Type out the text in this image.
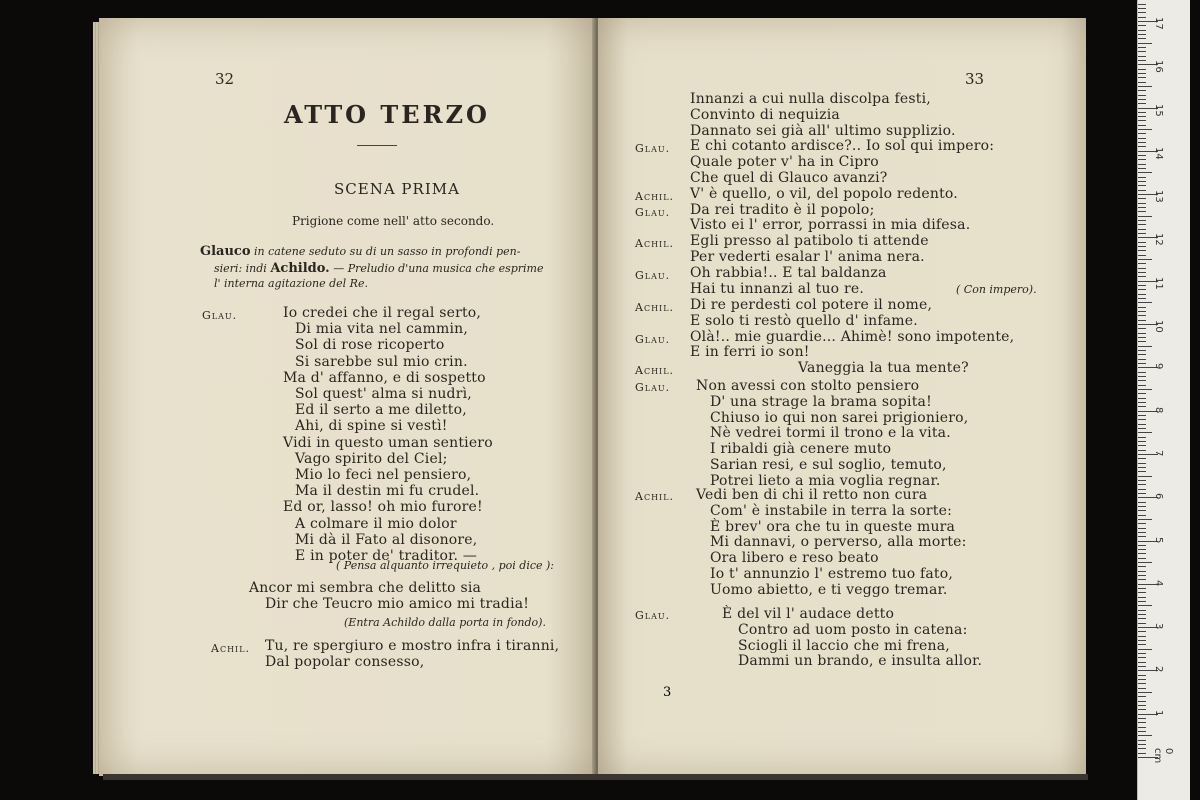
32
ATTO TERZO
SCENA PRIMA
Prigione come nell' atto secondo.
Glauco in catene seduto su di un sasso in profondi pen-
sieri: indi Achildo. — Preludio d'una musica che esprime
l' interna agitazione del Re.
Glau.	Io credei che il regal serto,
Di mia vita nel cammin,
Sol di rose ricoperto
Si sarebbe sul mio crin.
Ma d' affanno, e di sospetto
Sol quest' alma si nudrì,
Ed il serto a me diletto,
Ahi, di spine si vestì!
Vidi in questo uman sentiero
Vago spirito del Ciel;
Mio lo feci nel pensiero,
Ma il destin mi fu crudel.
Ed or, lasso! oh mio furore!
A colmare il mio dolor
Mi dà il Fato al disonore,
E in poter de' traditor. —
( Pensa alquanto irrequieto , poi dice ):
Ancor mi sembra che delitto sia
Dir che Teucro mio amico mi tradia!
(Entra Achildo dalla porta in fondo).
Achil. Tu, re spergiuro e mostro infra i tiranni,
Dal popolar consesso,
33
Innanzi a cui nulla discolpa festi,
Convinto di nequizia
Dannato sei già all' ultimo supplizio.
Glau. E chi cotanto ardisce?.. Io sol qui impero:
Quale poter v' ha in Cipro
Che quel di Glauco avanzi?
Achil. V' è quello, o vil, del popolo redento.
Glau. Da rei tradito è il popolo;
Visto ei l' error, porrassi in mia difesa.
Achil. Egli presso al patibolo ti attende
Per vederti esalar l' anima nera.
Glau. Oh rabbia!.. E tal baldanza
Hai tu innanzi al tuo re.	( Con impero).
Achil. Di re perdesti col potere il nome,
E solo ti restò quello d' infame.
Glau. Olà!.. mie guardie... Ahimè! sono impotente,
E in ferri io son!
Achil.	Vaneggia la tua mente?
Glau. Non avessi con stolto pensiero
D' una strage la brama sopita!
Chiuso io qui non sarei prigioniero,
Nè vedrei tormi il trono e la vita.
I ribaldi già cenere muto
Sarian resi, e sul soglio, temuto,
Potrei lieto a mia voglia regnar.
Achil. Vedi ben di chi il retto non cura
Com' è instabile in terra la sorte:
È brev' ora che tu in queste mura
Mi dannavi, o perverso, alla morte:
Ora libero e reso beato
Io t' annunzio l' estremo tuo fato,
Uomo abietto, e ti veggo tremar.
Glau.	È del vil l' audace detto
Contro ad uom posto in catena:
Sciogli il laccio che mi frena,
Dammi un brando, e insulta allor.
3
1
2
3
4
5
6
7
8
9
10
11
12
13
14
15
16
17
0 cm
